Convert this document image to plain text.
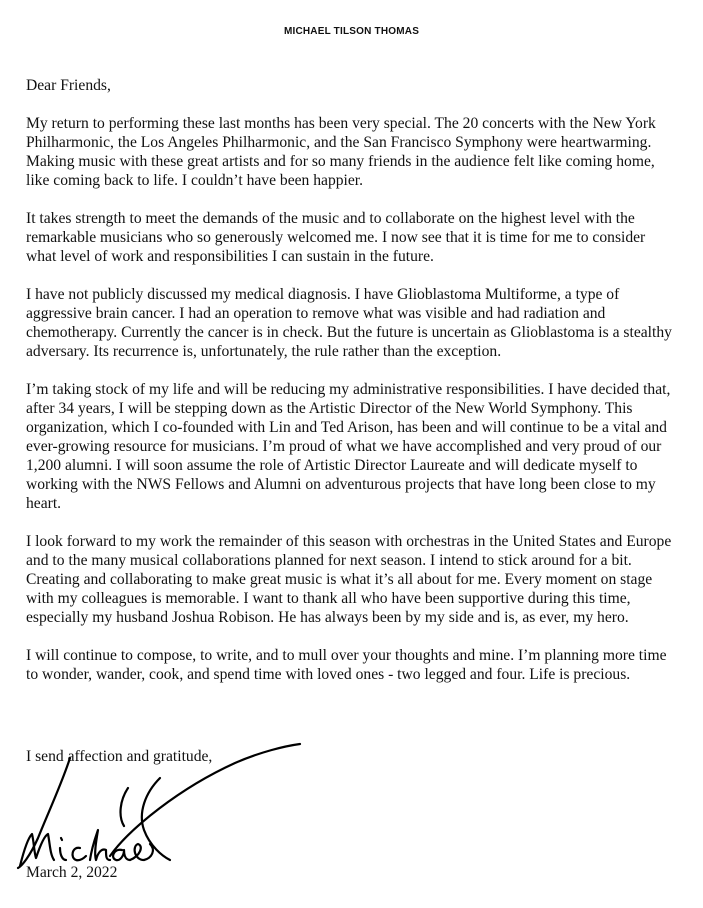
MICHAEL TILSON THOMAS

Dear Friends,

My return to performing these last months has been very special. The 20 concerts with the New York Philharmonic, the Los Angeles Philharmonic, and the San Francisco Symphony were heartwarming. Making music with these great artists and for so many friends in the audience felt like coming home, like coming back to life. I couldn’t have been happier.

It takes strength to meet the demands of the music and to collaborate on the highest level with the remarkable musicians who so generously welcomed me. I now see that it is time for me to consider what level of work and responsibilities I can sustain in the future.

I have not publicly discussed my medical diagnosis. I have Glioblastoma Multiforme, a type of aggressive brain cancer. I had an operation to remove what was visible and had radiation and chemotherapy. Currently the cancer is in check. But the future is uncertain as Glioblastoma is a stealthy adversary. Its recurrence is, unfortunately, the rule rather than the exception.

I’m taking stock of my life and will be reducing my administrative responsibilities. I have decided that, after 34 years, I will be stepping down as the Artistic Director of the New World Symphony. This organization, which I co-founded with Lin and Ted Arison, has been and will continue to be a vital and ever-growing resource for musicians. I’m proud of what we have accomplished and very proud of our 1,200 alumni. I will soon assume the role of Artistic Director Laureate and will dedicate myself to working with the NWS Fellows and Alumni on adventurous projects that have long been close to my heart.

I look forward to my work the remainder of this season with orchestras in the United States and Europe and to the many musical collaborations planned for next season. I intend to stick around for a bit. Creating and collaborating to make great music is what it’s all about for me. Every moment on stage with my colleagues is memorable. I want to thank all who have been supportive during this time, especially my husband Joshua Robison. He has always been by my side and is, as ever, my hero.

I will continue to compose, to write, and to mull over your thoughts and mine. I’m planning more time to wonder, wander, cook, and spend time with loved ones - two legged and four. Life is precious.

I send affection and gratitude,
March 2, 2022
